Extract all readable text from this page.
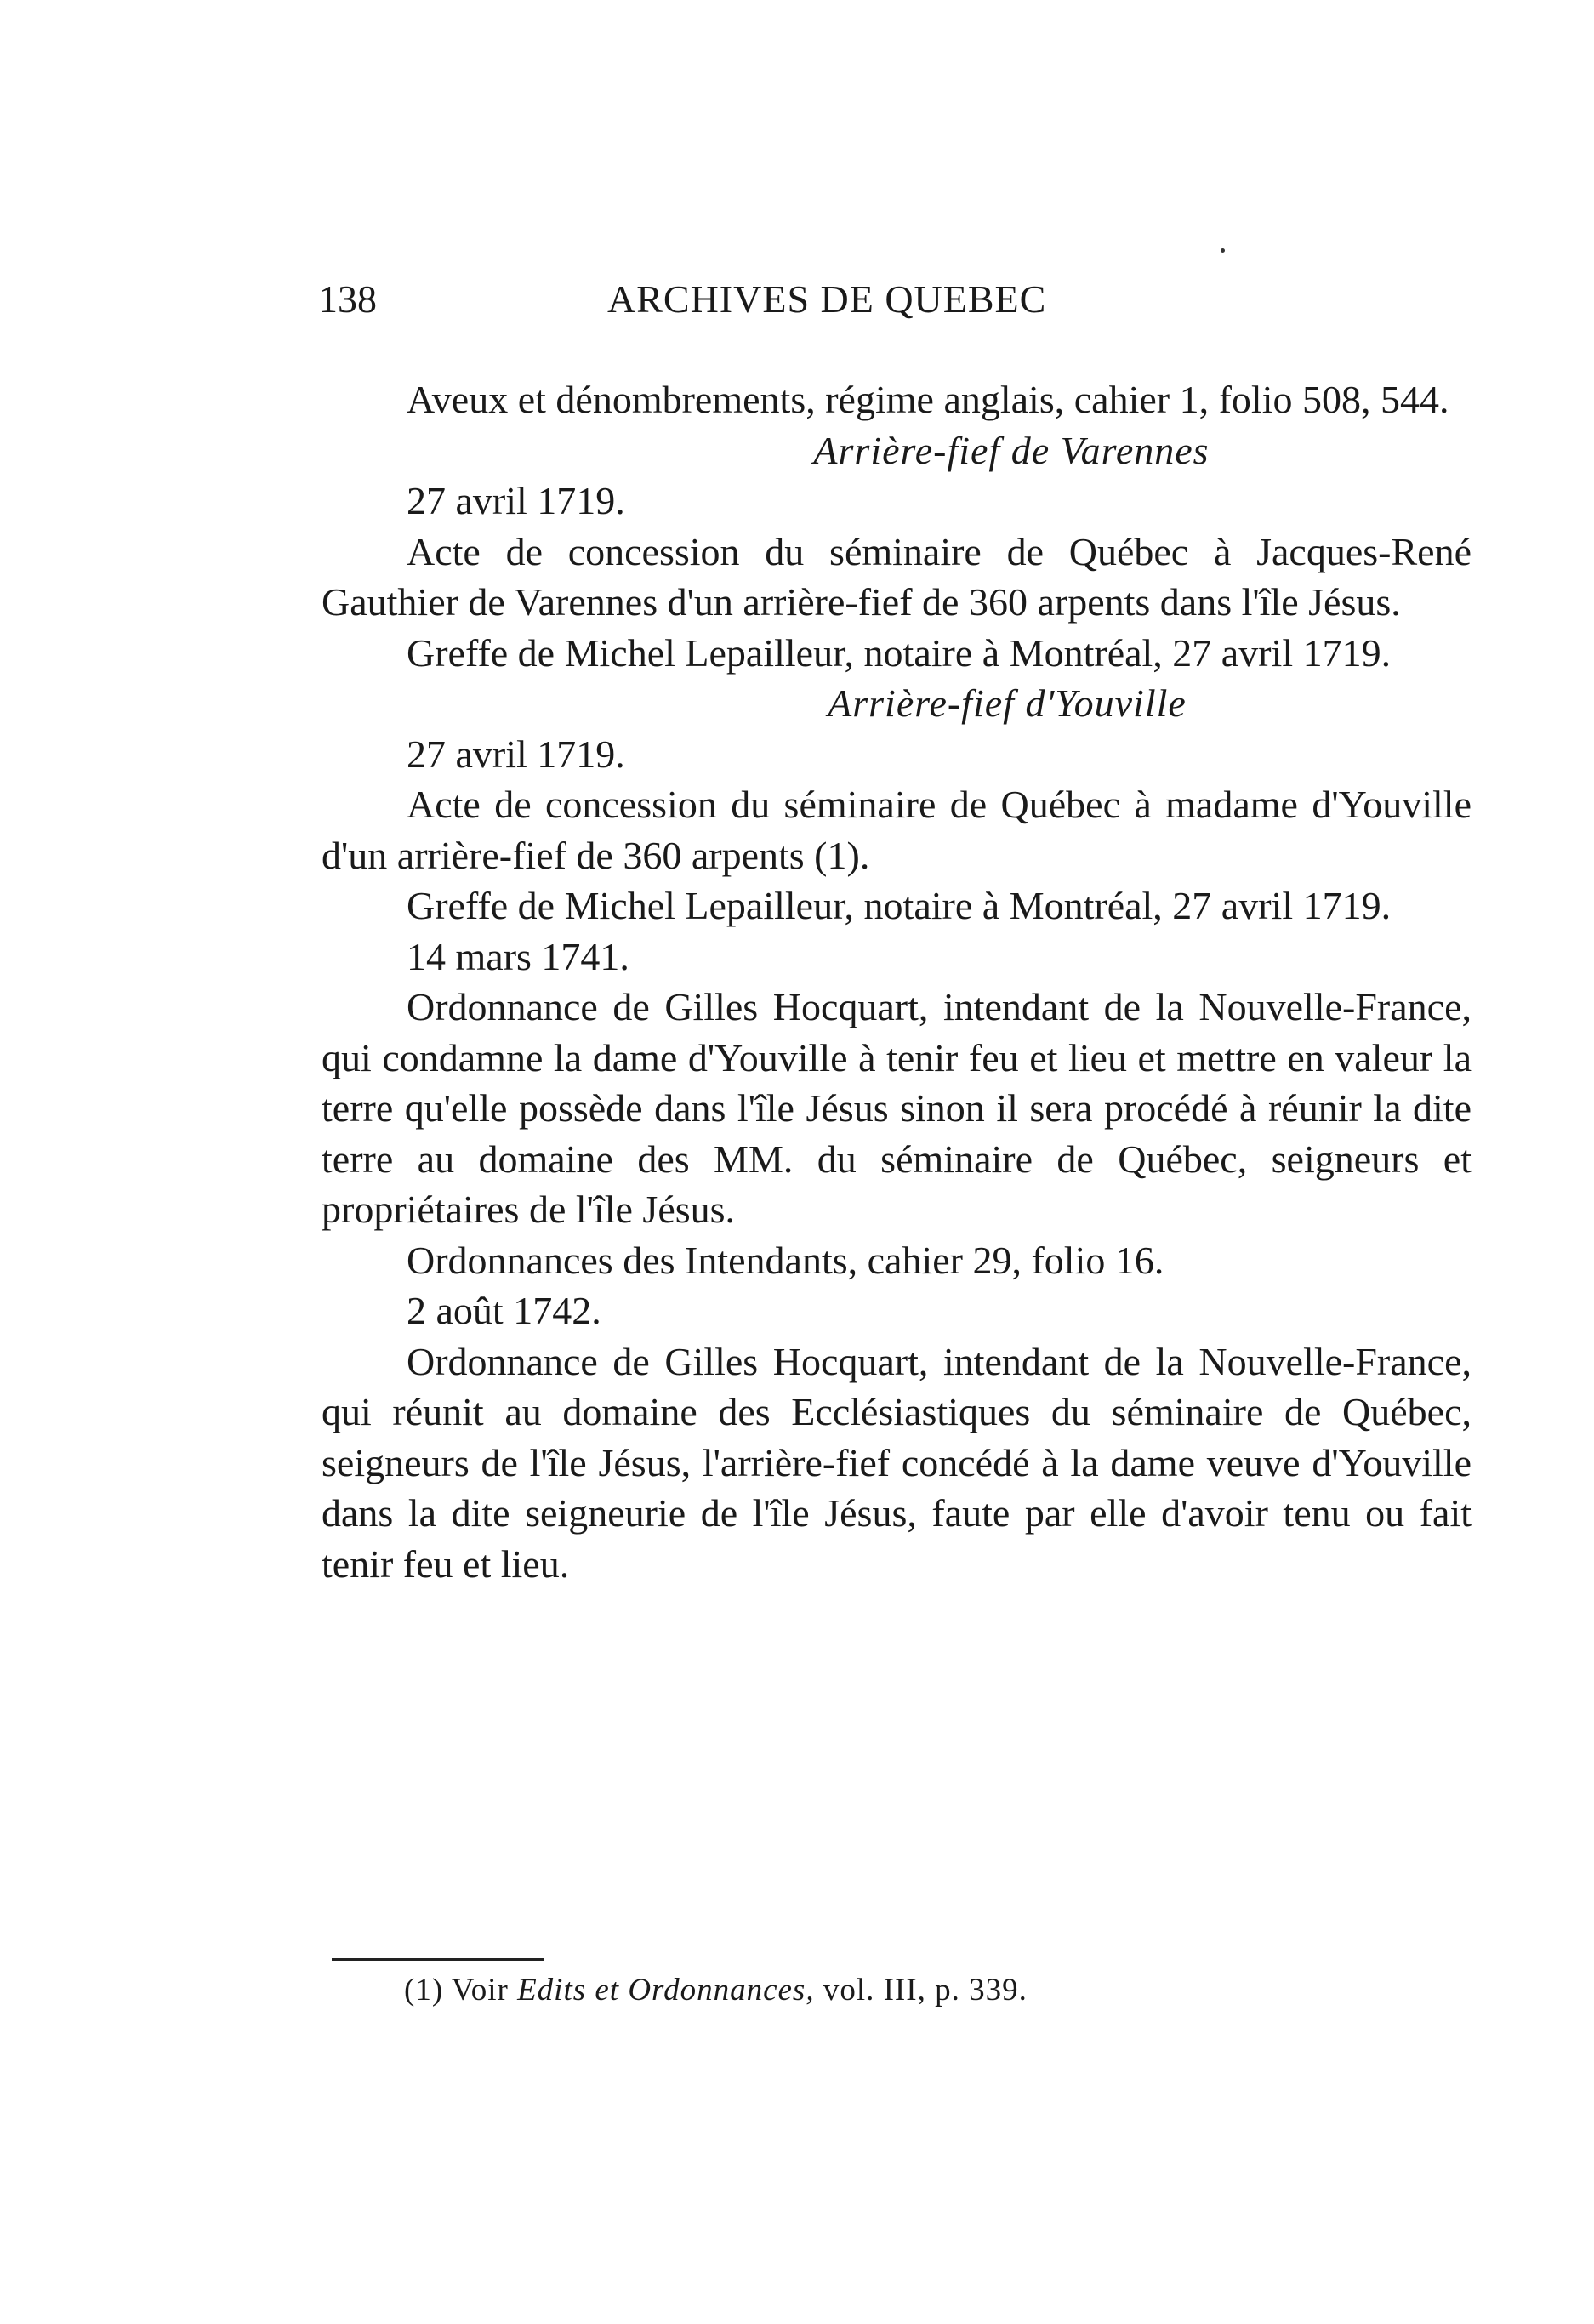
138	ARCHIVES DE QUEBEC

Aveux et dénombrements, régime anglais, cahier 1, folio 508, 544.

Arrière-fief de Varennes

27 avril 1719.

Acte de concession du séminaire de Québec à Jacques-René Gauthier de Varennes d'un arrière-fief de 360 arpents dans l'île Jésus.

Greffe de Michel Lepailleur, notaire à Montréal, 27 avril 1719.

Arrière-fief d'Youville

27 avril 1719.

Acte de concession du séminaire de Québec à madame d'Youville d'un arrière-fief de 360 arpents (1).

Greffe de Michel Lepailleur, notaire à Montréal, 27 avril 1719.

14 mars 1741.

Ordonnance de Gilles Hocquart, intendant de la Nouvelle-France, qui condamne la dame d'Youville à tenir feu et lieu et mettre en valeur la terre qu'elle possède dans l'île Jésus sinon il sera procédé à réunir la dite terre au domaine des MM. du séminaire de Québec, seigneurs et propriétaires de l'île Jésus.

Ordonnances des Intendants, cahier 29, folio 16.

2 août 1742.

Ordonnance de Gilles Hocquart, intendant de la Nouvelle-France, qui réunit au domaine des Ecclésiastiques du séminaire de Québec, seigneurs de l'île Jésus, l'arrière-fief concédé à la dame veuve d'Youville dans la dite seigneurie de l'île Jésus, faute par elle d'avoir tenu ou fait tenir feu et lieu.

(1) Voir Edits et Ordonnances, vol. III, p. 339.
